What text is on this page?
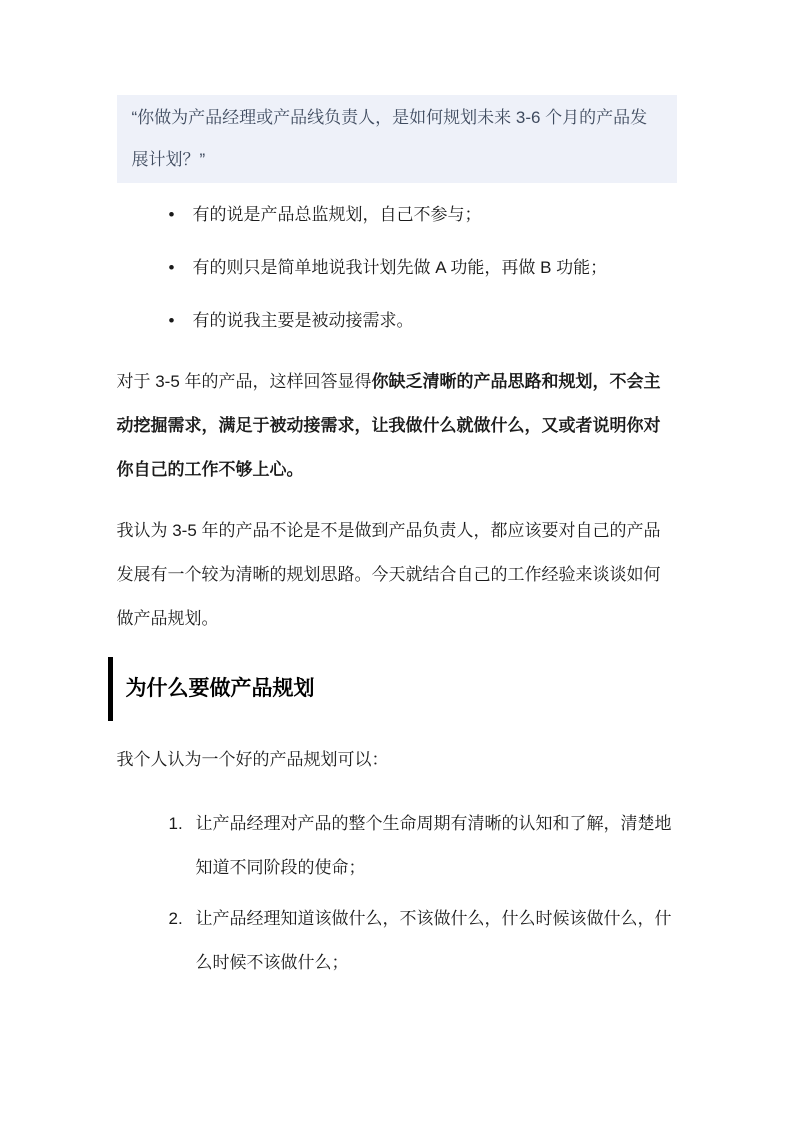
“你做为产品经理或产品线负责人，是如何规划未来 3-6 个月的产品发展计划？”
• 有的说是产品总监规划，自己不参与；
• 有的则只是简单地说我计划先做 A 功能，再做 B 功能；
• 有的说我主要是被动接需求。

对于 3-5 年的产品，这样回答显得你缺乏清晰的产品思路和规划，不会主动挖掘需求，满足于被动接需求，让我做什么就做什么，又或者说明你对你自己的工作不够上心。

我认为 3-5 年的产品不论是不是做到产品负责人，都应该要对自己的产品发展有一个较为清晰的规划思路。今天就结合自己的工作经验来谈谈如何做产品规划。

为什么要做产品规划

我个人认为一个好的产品规划可以：

1. 让产品经理对产品的整个生命周期有清晰的认知和了解，清楚地知道不同阶段的使命；
2. 让产品经理知道该做什么，不该做什么，什么时候该做什么，什么时候不该做什么；
